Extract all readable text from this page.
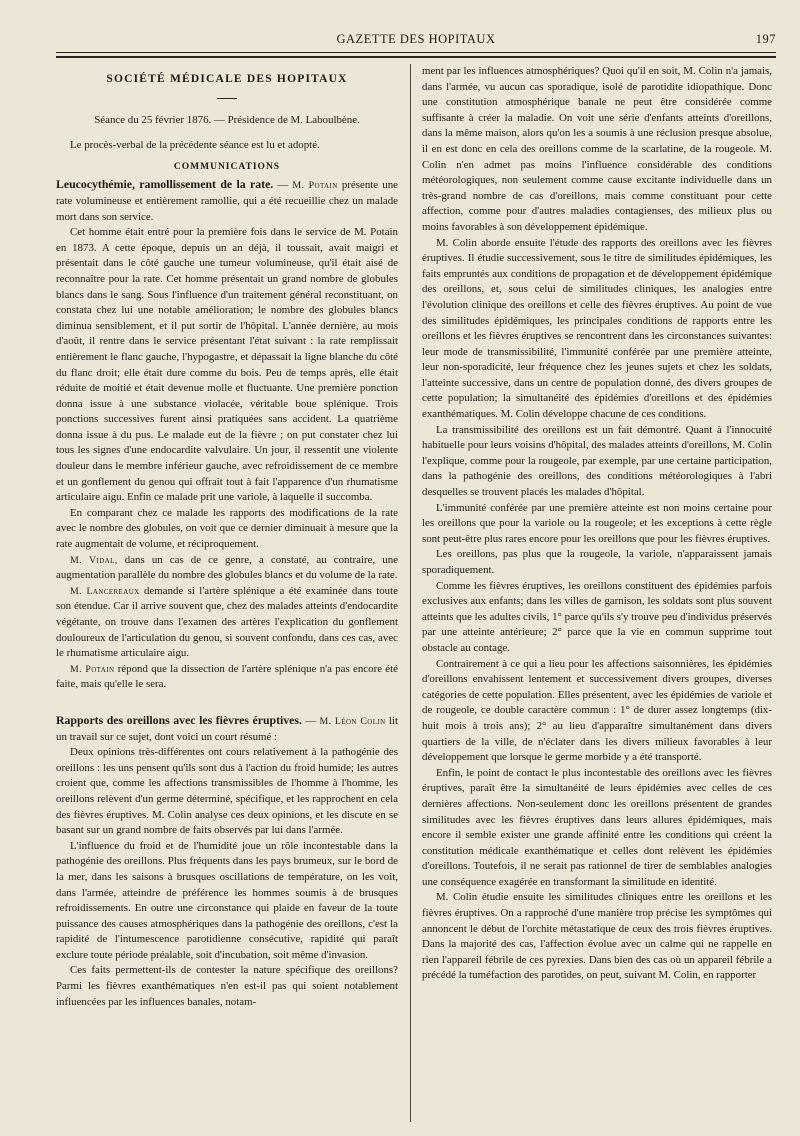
GAZETTE DES HOPITAUX	197

SOCIÉTÉ MÉDICALE DES HOPITAUX

Séance du 25 février 1876. — Présidence de M. Laboulbène.

Le procès-verbal de la précédente séance est lu et adopté.

COMMUNICATIONS

Leucocythémie, ramollissement de la rate. — M. Potain présente une rate volumineuse et entièrement ramollie, qui a été recueillie chez un malade mort dans son service.

Cet homme était entré pour la première fois dans le service de M. Potain en 1873. A cette époque, depuis un an déjà, il toussait, avait maigri et présentait dans le côté gauche une tumeur volumineuse, qu'il était aisé de reconnaître pour la rate. Cet homme présentait un grand nombre de globules blancs dans le sang. Sous l'influence d'un traitement général reconstituant, on constata chez lui une notable amélioration; le nombre des globules blancs diminua sensiblement, et il put sortir de l'hôpital. L'année dernière, au mois d'août, il rentre dans le service présentant l'état suivant : la rate remplissait entièrement le flanc gauche, l'hypogastre, et dépassait la ligne blanche du côté du flanc droit; elle était dure comme du bois. Peu de temps après, elle était réduite de moitié et était devenue molle et fluctuante. Une première ponction donna issue à une substance violacée, véritable boue splénique. Trois ponctions successives furent ainsi pratiquées sans accident. La quatrième donna issue à du pus. Le malade eut de la fièvre ; on put constater chez lui tous les signes d'une endocardite valvulaire. Un jour, il ressentit une violente douleur dans le membre inférieur gauche, avec refroidissement de ce membre et un gonflement du genou qui offrait tout à fait l'apparence d'un rhumatisme articulaire aigu. Enfin ce malade prit une variole, à laquelle il succomba.

En comparant chez ce malade les rapports des modifications de la rate avec le nombre des globules, on voit que ce dernier diminuait à mesure que la rate augmentait de volume, et réciproquement.

M. Vidal, dans un cas de ce genre, a constaté, au contraire, une augmentation parallèle du nombre des globules blancs et du volume de la rate.

M. Lancereaux demande si l'artère splénique a été examinée dans toute son étendue. Car il arrive souvent que, chez des malades atteints d'endocardite végétante, on trouve dans l'examen des artères l'explication du gonflement douloureux de l'articulation du genou, si souvent confondu, dans ces cas, avec le rhumatisme articulaire aigu.

M. Potain répond que la dissection de l'artère splénique n'a pas encore été faite, mais qu'elle le sera.

Rapports des oreillons avec les fièvres éruptives. — M. Léon Colin lit un travail sur ce sujet, dont voici un court résumé :

Deux opinions très-différentes ont cours relativement à la pathogénie des oreillons : les uns pensent qu'ils sont dus à l'action du froid humide; les autres croient que, comme les affections transmissibles de l'homme à l'homme, les oreillons relèvent d'un germe déterminé, spécifique, et les rapprochent en cela des fièvres éruptives. M. Colin analyse ces deux opinions, et les discute en se basant sur un grand nombre de faits observés par lui dans l'armée.

L'influence du froid et de l'humidité joue un rôle incontestable dans la pathogénie des oreillons. Plus fréquents dans les pays brumeux, sur le bord de la mer, dans les saisons à brusques oscillations de température, on les voit, dans l'armée, atteindre de préférence les hommes soumis à de brusques refroidissements. En outre une circonstance qui plaide en faveur de la toute puissance des causes atmosphériques dans la pathogénie des oreillons, c'est la rapidité de l'intumescence parotidienne consécutive, rapidité qui paraît exclure toute période préalable, soit d'incubation, soit même d'invasion.

Ces faits permettent-ils de contester la nature spécifique des oreillons? Parmi les fièvres exanthématiques n'en est-il pas qui soient notablement influencées par les influences banales, notam-

ment par les influences atmosphériques? Quoi qu'il en soit, M. Colin n'a jamais, dans l'armée, vu aucun cas sporadique, isolé de parotidite idiopathique. Donc une constitution atmosphérique banale ne peut être considérée comme suffisante à créer la maladie. On voit une série d'enfants atteints d'oreillons, dans la même maison, alors qu'on les a soumis à une réclusion presque absolue, il en est donc en cela des oreillons comme de la scarlatine, de la rougeole. M. Colin n'en admet pas moins l'influence considérable des conditions météorologiques, non seulement comme cause excitante individuelle dans un très-grand nombre de cas d'oreillons, mais comme constituant pour cette affection, comme pour d'autres maladies contagienses, des milieux plus ou moins favorables à son développement épidémique.

M. Colin aborde ensuite l'étude des rapports des oreillons avec les fièvres éruptives. Il étudie successivement, sous le titre de similitudes épidémiques, les faits empruntés aux conditions de propagation et de développement épidémique des oreillons, et, sous celui de similitudes cliniques, les analogies entre l'évolution clinique des oreillons et celle des fièvres éruptives. Au point de vue des similitudes épidémiques, les principales conditions de rapports entre les oreillons et les fièvres éruptives se rencontrent dans les circonstances suivantes: leur mode de transmissibilité, l'immunité conférée par une première atteinte, leur non-sporadicité, leur fréquence chez les jeunes sujets et chez les soldats, l'atteinte successive, dans un centre de population donné, des divers groupes de cette population; la simultanéité des épidémies d'oreillons et des épidémies exanthématiques. M. Colin développe chacune de ces conditions.

La transmissibilité des oreillons est un fait démontré. Quant à l'innocuité habituelle pour leurs voisins d'hôpital, des malades atteints d'oreillons, M. Colin l'explique, comme pour la rougeole, par exemple, par une certaine participation, dans la pathogénie des oreillons, des conditions météorologiques à l'abri desquelles se trouvent placés les malades d'hôpital.

L'immunité conférée par une première atteinte est non moins certaine pour les oreillons que pour la variole ou la rougeole; et les exceptions à cette règle sont peut-être plus rares encore pour les oreillons que pour les fièvres éruptives.

Les oreillons, pas plus que la rougeole, la variole, n'apparaissent jamais sporadiquement.

Comme les fièvres éruptives, les oreillons constituent des épidémies parfois exclusives aux enfants; dans les villes de garnison, les soldats sont plus souvent atteints que les adultes civils, 1° parce qu'ils s'y trouve peu d'individus préservés par une atteinte antérieure; 2° parce que la vie en commun supprime tout obstacle au contage.

Contrairement à ce qui a lieu pour les affections saisonnières, les épidémies d'oreillons envahissent lentement et successivement divers groupes, diverses catégories de cette population. Elles présentent, avec les épidémies de variole et de rougeole, ce double caractère commun : 1° de durer assez longtemps (dix-huit mois à trois ans); 2° au lieu d'apparaître simultanément dans divers quartiers de la ville, de n'éclater dans les divers milieux favorables à leur développement que lorsque le germe morbide y a été transporté.

Enfin, le point de contact le plus incontestable des oreillons avec les fièvres éruptives, paraît être la simultanéité de leurs épidémies avec celles de ces dernières affections. Non-seulement donc les oreillons présentent de grandes similitudes avec les fièvres éruptives dans leurs allures épidémiques, mais encore il semble exister une grande affinité entre les conditions qui créent la constitution médicale exanthématique et celles dont relèvent les épidémies d'oreillons. Toutefois, il ne serait pas rationnel de tirer de semblables analogies une conséquence exagérée en transformant la similitude en identité.

M. Colin étudie ensuite les similitudes cliniques entre les oreillons et les fièvres éruptives. On a rapproché d'une manière trop précise les symptômes qui annoncent le début de l'orchite métastatique de ceux des trois fièvres éruptives. Dans la majorité des cas, l'affection évolue avec un calme qui ne rappelle en rien l'appareil fébrile de ces pyrexies. Dans bien des cas où un appareil fébrile a précédé la tuméfaction des parotides, on peut, suivant M. Colin, en rapporter
